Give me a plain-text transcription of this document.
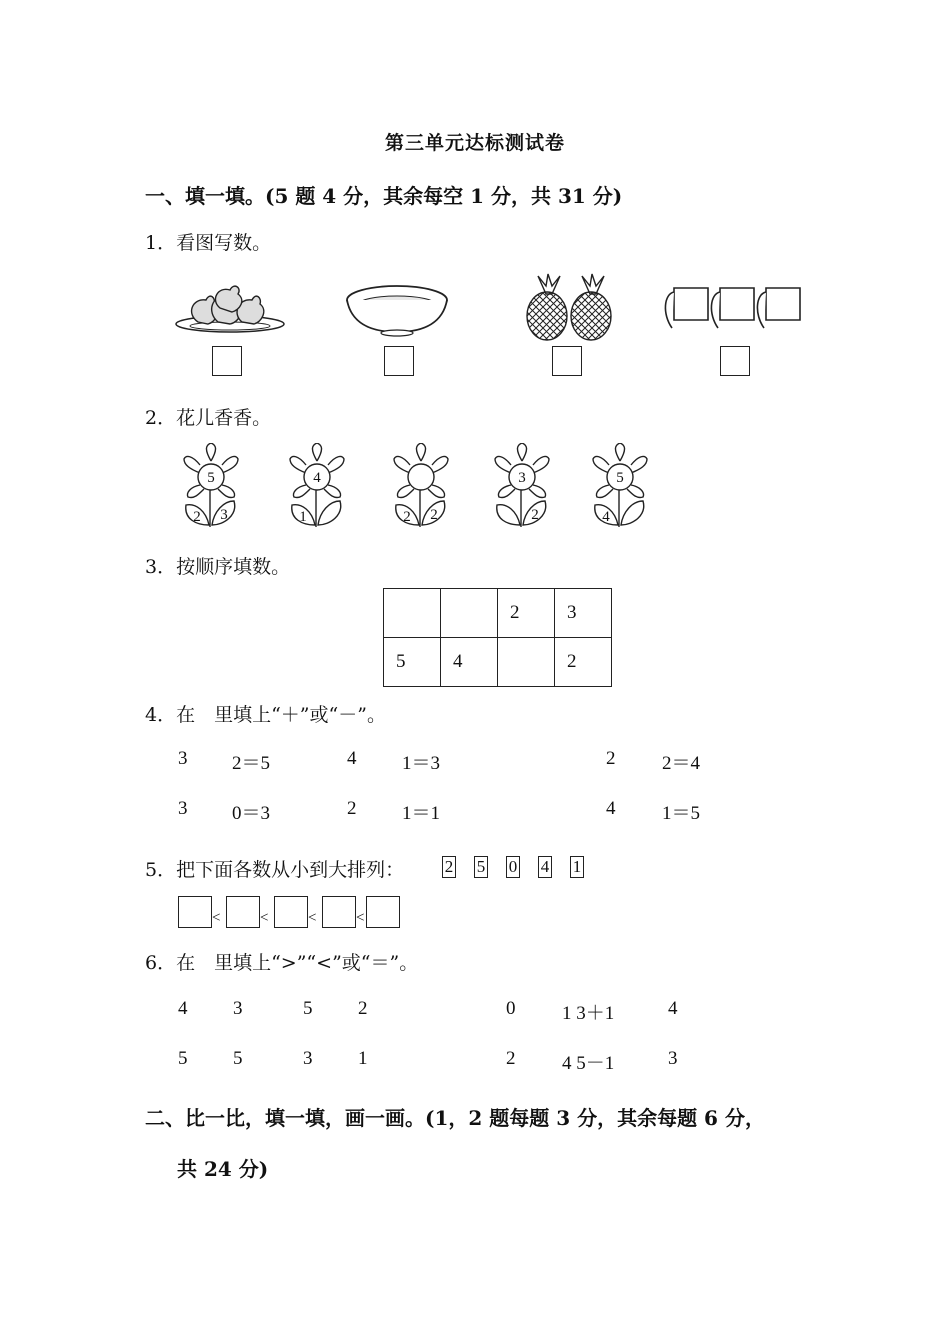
第三单元达标测试卷
一、填一填。(5 题 4 分，其余每空 1 分，共 31 分)
1．看图写数。
2．花儿香香。
5
2 3
4
1	2 2
3
2
5
4
3．按顺序填数。
		2	3
5	4		2
4．在　里填上“＋”或“－”。
3 2＝5	4 1＝3	2 2＝4
3 0＝3	2 1＝1	4 1＝5
5．把下面各数从小到大排列： 2 5 0 4 1
<	<	<	<
6．在　里填上“>”“<”或“＝”。
4 3	5 2	0 1 3＋1	4
5 5	3 1	2 4 5－1	3
二、比一比，填一填，画一画。(1，2 题每题 3 分，其余每题 6 分，
共 24 分)
